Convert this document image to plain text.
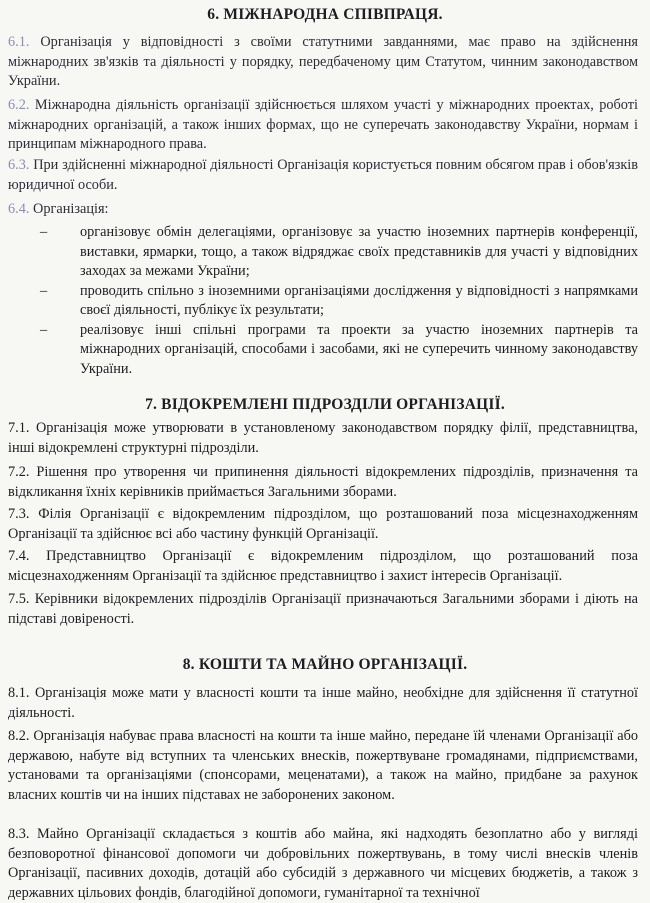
6. МІЖНАРОДНА СПІВПРАЦЯ.
6.1. Організація у відповідності з своїми статутними завданнями, має право на здійснення міжнародних зв'язків та діяльності у порядку, передбаченому цим Статутом, чинним законодавством України.
6.2. Міжнародна діяльність організації здійснюється шляхом участі у міжнародних проектах, роботі міжнародних організацій, а також інших формах, що не суперечать законодавству України, нормам і принципам міжнародного права.
6.3. При здійсненні міжнародної діяльності Організація користується повним обсягом прав і обов'язків юридичної особи.
6.4. Організація:
– організовує обмін делегаціями, організовує за участю іноземних партнерів конференції, виставки, ярмарки, тощо, а також відряджає своїх представників для участі у відповідних заходах за межами України;
– проводить спільно з іноземними організаціями дослідження у відповідності з напрямками своєї діяльності, публікує їх результати;
– реалізовує інші спільні програми та проекти за участю іноземних партнерів та міжнародних організацій, способами і засобами, які не суперечить чинному законодавству України.
7. ВІДОКРЕМЛЕНІ ПІДРОЗДІЛИ ОРГАНІЗАЦІЇ.
7.1. Організація може утворювати в установленому законодавством порядку філії, представництва, інші відокремлені структурні підрозділи.
7.2. Рішення про утворення чи припинення діяльності відокремлених підрозділів, призначення та відкликання їхніх керівників приймається Загальними зборами.
7.3. Філія Організації є відокремленим підрозділом, що розташований поза місцезнаходженням Організації та здійснює всі або частину функцій Організації.
7.4. Представництво Організації є відокремленим підрозділом, що розташований поза місцезнаходженням Організації та здійснює представництво і захист інтересів Організації.
7.5. Керівники відокремлених підрозділів Організації призначаються Загальними зборами і діють на підставі довіреності.
8. КОШТИ ТА МАЙНО ОРГАНІЗАЦІЇ.
8.1. Організація може мати у власності кошти та інше майно, необхідне для здійснення її статутної діяльності.
8.2. Організація набуває права власності на кошти та інше майно, передане їй членами Організації або державою, набуте від вступних та членських внесків, пожертвуване громадянами, підприємствами, установами та організаціями (спонсорами, меценатами), а також на майно, придбане за рахунок власних коштів чи на інших підставах не заборонених законом.
8.3. Майно Організації складається з коштів або майна, які надходять безоплатно або у вигляді безповоротної фінансової допомоги чи добровільних пожертвувань, в тому числі внесків членів Організації, пасивних доходів, дотацій або субсидій з державного чи місцевих бюджетів, а також з державних цільових фондів, благодійної допомоги, гуманітарної та технічної
